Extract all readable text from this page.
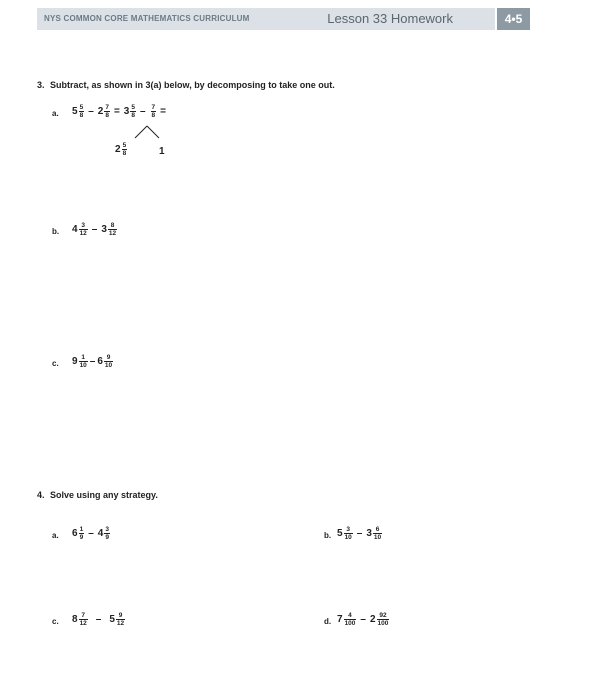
NYS COMMON CORE MATHEMATICS CURRICULUM	Lesson 33 Homework	4•5
3. Subtract, as shown in 3(a) below, by decomposing to take one out.
a. $5 \frac{5}{8} - 2 \frac{7}{8} = 3 \frac{5}{8} - \frac{7}{8}$ =
$2 \frac{5}{8}$	1
b. $4 \frac{3}{12} - 3 \frac{8}{12}$
c. $9 \frac{1}{10} - 6 \frac{9}{10}$
4. Solve using any strategy.
a. $6 \frac{1}{9} - 4 \frac{3}{9}$	b. $5 \frac{3}{10} - 3 \frac{6}{10}$
c. $8 \frac{7}{12} - 5 \frac{9}{12}$	d. $7 \frac{4}{100} - 2 \frac{92}{100}$
